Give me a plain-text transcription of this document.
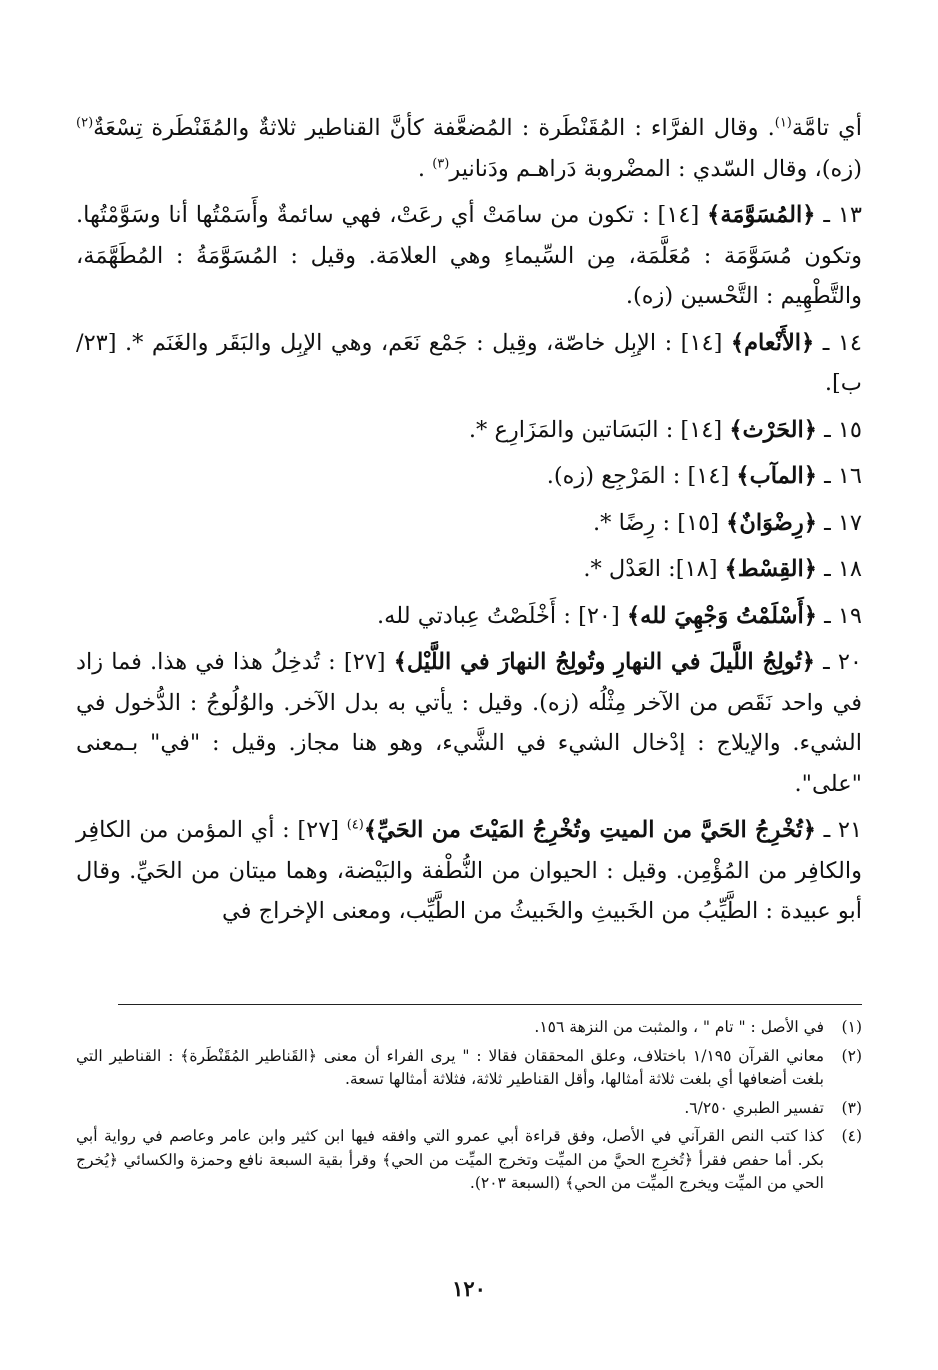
أي تامَّة$^{(١)}$. وقال الفرَّاء : المُقَنْطَرة : المُضعَّفة كأنَّ القناطير ثلاثةٌ والمُقَنْطَرة تِسْعَةٌ$^{(٢)}$ (زه)، وقال السّدي : المضْروبة دَراهـم ودَنانير$^{(٣)}$ .

١٣ ـ ﴿المُسَوَّمَة﴾ [١٤] : تكون من سامَتْ أي رعَتْ، فهي سائمةٌ وأَسَمْتُها أنا وسَوَّمْتُها. وتكون مُسَوَّمَة : مُعَلَّمَة، مِن السِّيماءِ وهي العلامَة. وقيل : المُسَوَّمَةُ : المُطَهَّمَة، والتَّطْهِيم : التَّحْسين (زه).

١٤ ـ ﴿الأَنْعام﴾ [١٤] : الإبِل خاصّة، وقِيل : جَمْع نَعَم، وهي الإبِل والبَقَر والغَنَم *. [٢٣/ب].

١٥ ـ ﴿الحَرْث﴾ [١٤] : البَسَاتين والمَزَارِع *.

١٦ ـ ﴿المآب﴾ [١٤] : المَرْجِع (زه).

١٧ ـ ﴿رِضْوَانٌ﴾ [١٥] : رِضًا *.

١٨ ـ ﴿القِسْط﴾ [١٨]: العَدْل *.

١٩ ـ ﴿أَسْلَمْتُ وَجْهِيَ لله﴾ [٢٠] : أَخْلَصْتُ عِبادتي لله.

٢٠ ـ ﴿تُولِجُ اللَّيلَ في النهارِ وتُولِجُ النهارَ في اللَّيْل﴾ [٢٧] : تُدخِلُ هذا في هذا. فما زاد في واحد نَقَص من الآخر مِثْلُه (زه). وقيل : يأتي به بدل الآخر. والوُلُوجُ : الدُّخول في الشيء. والإيلاج : إدْخال الشيء في الشَّيء، وهو هنا مجاز. وقيل : "في" بـمعنى "على".

٢١ ـ ﴿تُخْرِجُ الحَيَّ من الميتِ وتُخْرِجُ المَيْتَ من الحَيِّ﴾$^{(٤)}$ [٢٧] : أي المؤمن من الكافِر والكافِر من المُؤْمِن. وقيل : الحيوان من النُّطْفة والبَيْضة، وهما ميتان من الحَيِّ. وقال أبو عبيدة : الطَّيِّبُ من الخَبيثِ والخَبيثُ من الطَّيِّب، ومعنى الإخراج في

(١)
في الأصل : " تام " ، والمثبت من النزهة ١٥٦.
(٢)
معاني القرآن ١/١٩٥ باختلاف، وعلق المحققان فقالا : " يرى الفراء أن معنى ﴿القَناطير المُقَنْطَرة﴾ : القناطير التي بلغت أضعافها أي بلغت ثلاثة أمثالها، وأقل القناطير ثلاثة، فثلاثة أمثالها تسعة.
(٣)
تفسير الطبري ٦/٢٥٠.
(٤)
كذا كتب النص القرآني في الأصل، وفق قراءة أبي عمرو التي وافقه فيها ابن كثير وابن عامر وعاصم في رواية أبي بكر. أما حفص فقرأ ﴿تُخرِج الحيَّ من الميِّت وتخرج الميِّت من الحي﴾ وقرأ بقية السبعة نافع وحمزة والكسائي ﴿يُخرج الحي من الميِّت ويخرج الميِّت من الحي﴾ (السبعة ٢٠٣).
١٢٠
